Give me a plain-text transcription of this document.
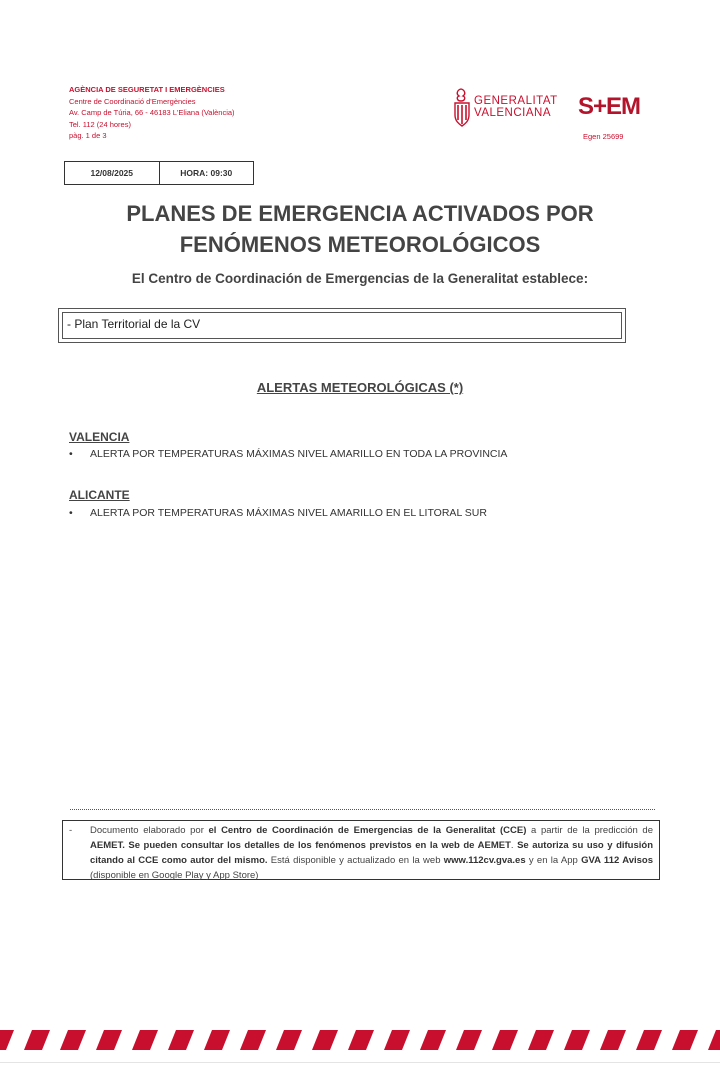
AGÈNCIA DE SEGURETAT I EMERGÈNCIES
Centre de Coordinació d'Emergències
Av. Camp de Túria, 66 - 46183 L'Eliana (València)
Tel. 112 (24 hores)
pàg. 1 de 3
GENERALITAT
VALENCIANA S+EM
Egen 25699
12/08/2025	HORA: 09:30
PLANES DE EMERGENCIA ACTIVADOS POR
FENÓMENOS METEOROLÓGICOS
El Centro de Coordinación de Emergencias de la Generalitat establece:
- Plan Territorial de la CV
ALERTAS METEOROLÓGICAS (*)
VALENCIA
• ALERTA POR TEMPERATURAS MÁXIMAS NIVEL AMARILLO EN TODA LA PROVINCIA
ALICANTE
• ALERTA POR TEMPERATURAS MÁXIMAS NIVEL AMARILLO EN EL LITORAL SUR
- Documento elaborado por el Centro de Coordinación de Emergencias de la Generalitat (CCE) a partir de la predicción de AEMET. Se pueden consultar los detalles de los fenómenos previstos en la web de AEMET. Se autoriza su uso y difusión citando al CCE como autor del mismo. Está disponible y actualizado en la web www.112cv.gva.es y en la App GVA 112 Avisos (disponible en Google Play y App Store)
